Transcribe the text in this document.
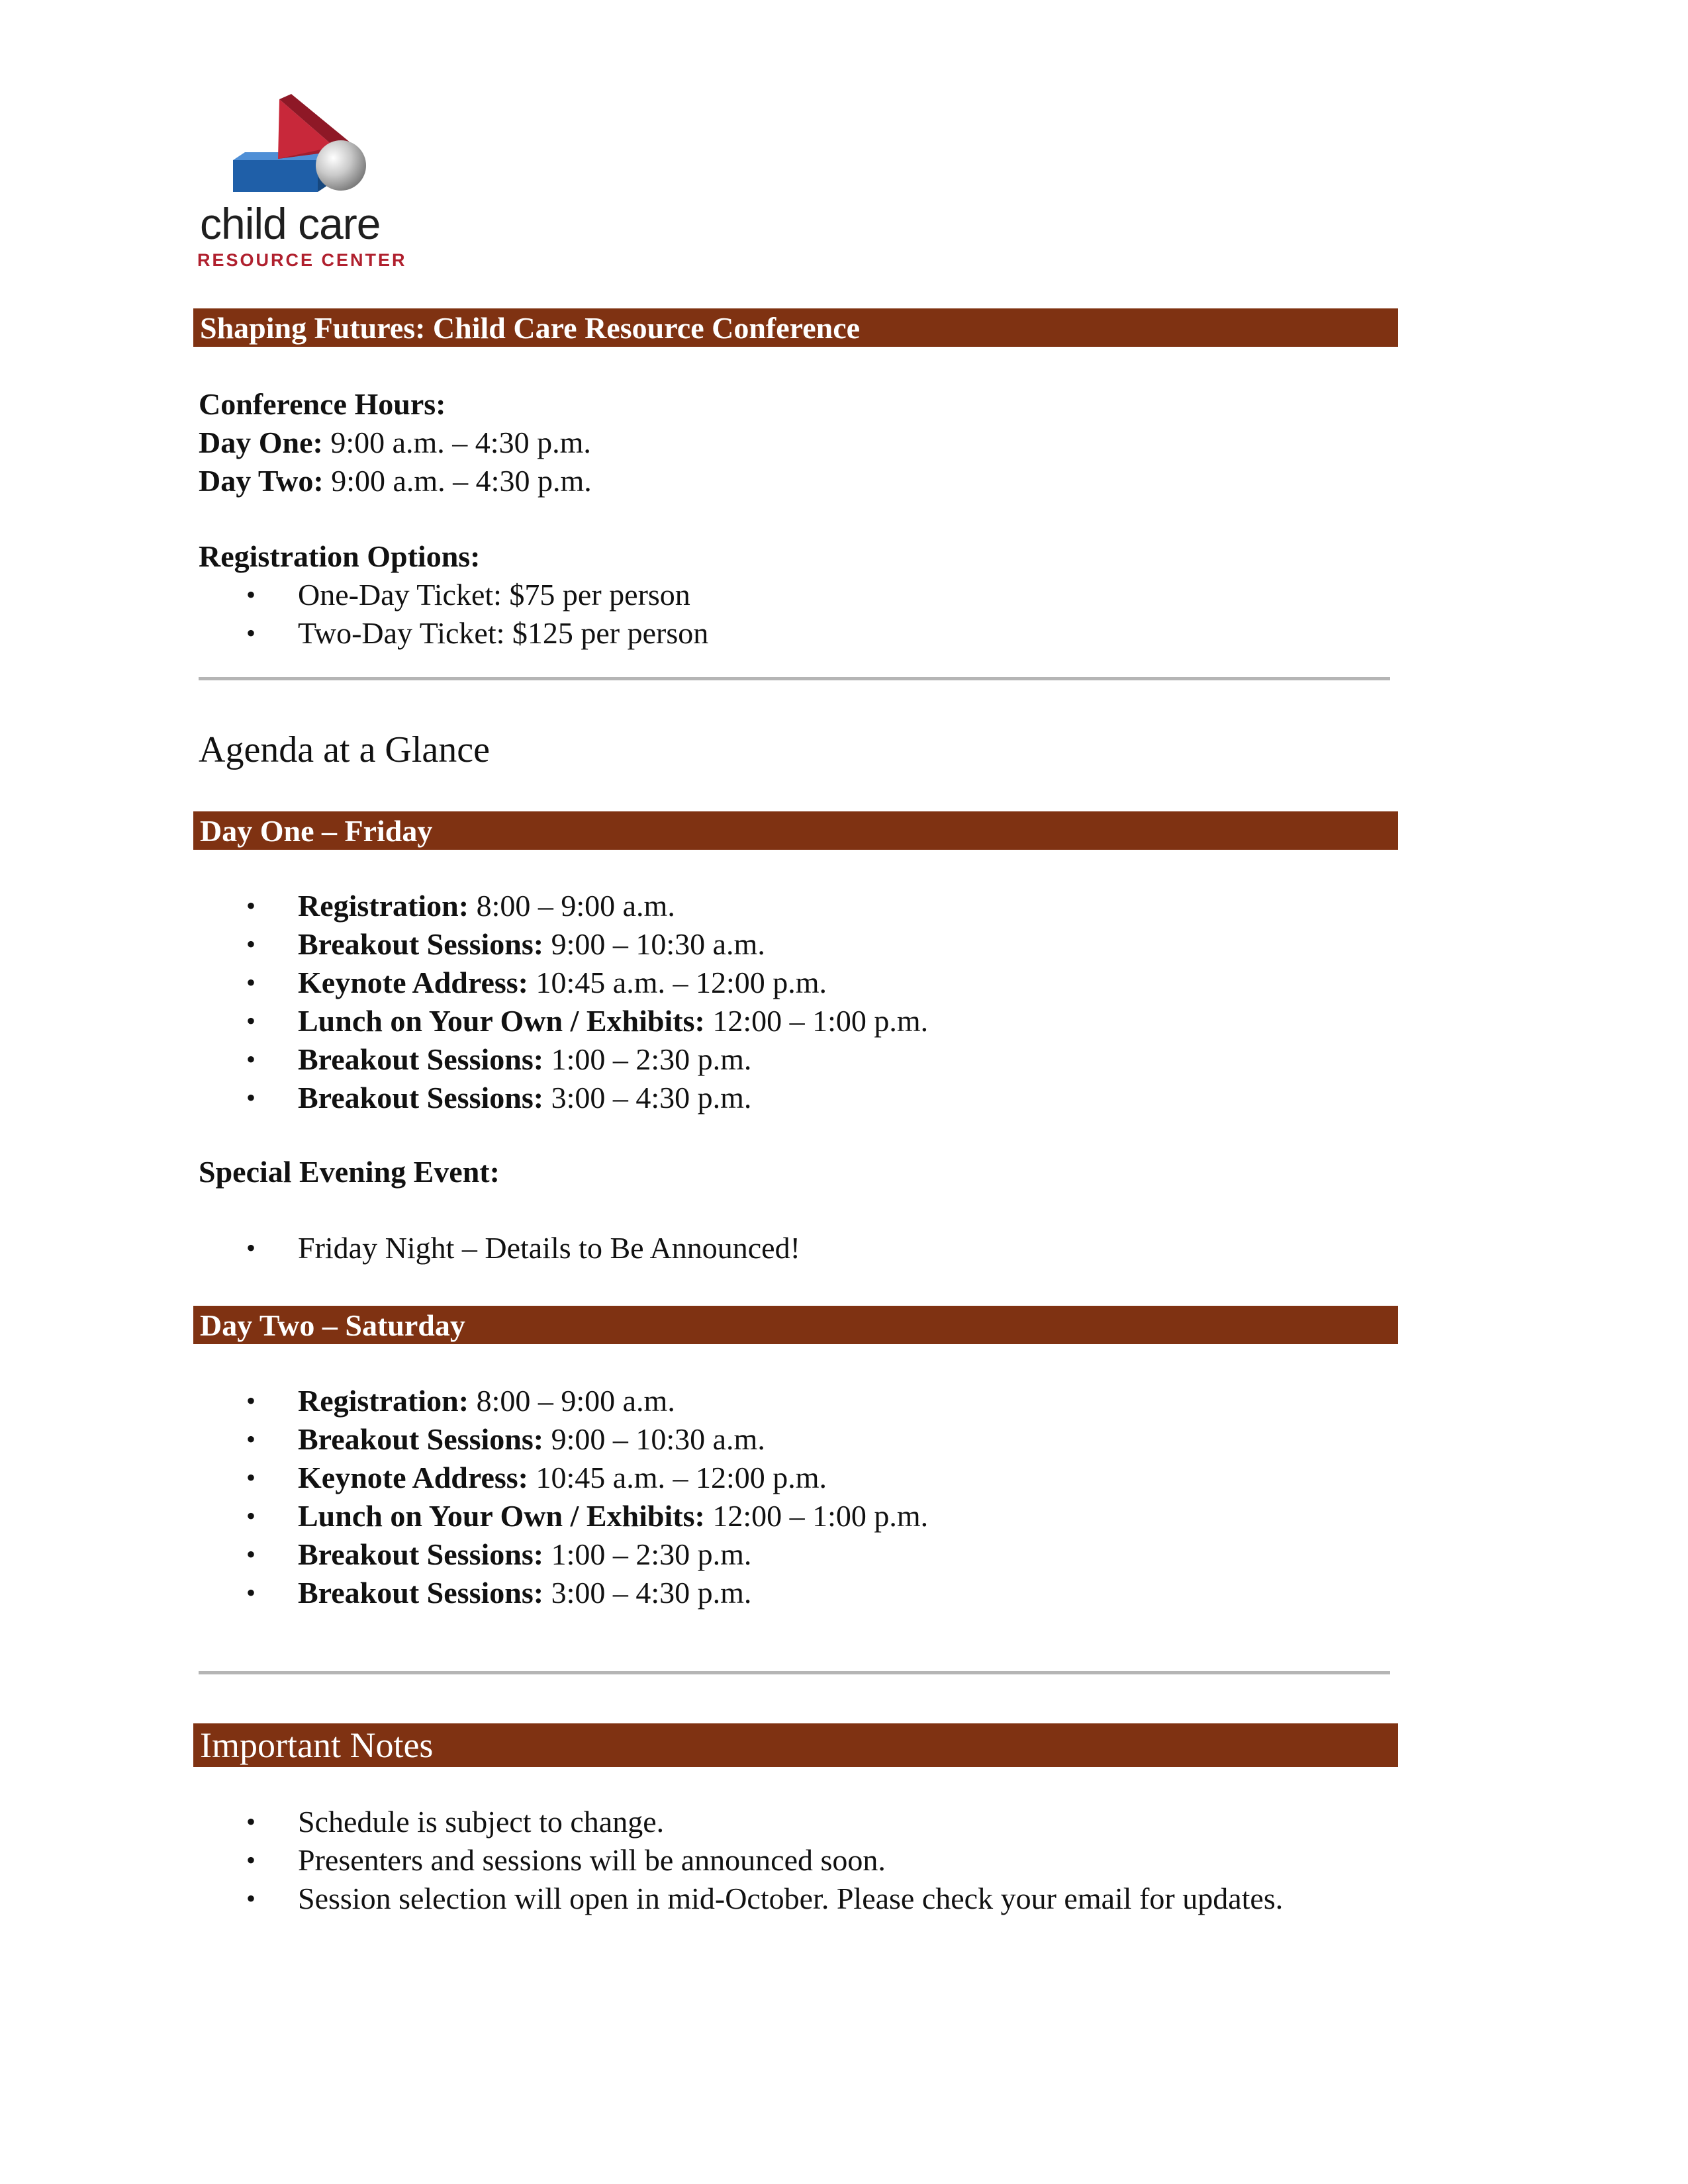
child care
RESOURCE CENTER
Shaping Futures: Child Care Resource Conference
Conference Hours:
Day One: 9:00 a.m. – 4:30 p.m.
Day Two: 9:00 a.m. – 4:30 p.m.
Registration Options:
• One-Day Ticket: $75 per person
• Two-Day Ticket: $125 per person
Agenda at a Glance
Day One – Friday
• Registration: 8:00 – 9:00 a.m.
• Breakout Sessions: 9:00 – 10:30 a.m.
• Keynote Address: 10:45 a.m. – 12:00 p.m.
• Lunch on Your Own / Exhibits: 12:00 – 1:00 p.m.
• Breakout Sessions: 1:00 – 2:30 p.m.
• Breakout Sessions: 3:00 – 4:30 p.m.
Special Evening Event:
• Friday Night – Details to Be Announced!
Day Two – Saturday
• Registration: 8:00 – 9:00 a.m.
• Breakout Sessions: 9:00 – 10:30 a.m.
• Keynote Address: 10:45 a.m. – 12:00 p.m.
• Lunch on Your Own / Exhibits: 12:00 – 1:00 p.m.
• Breakout Sessions: 1:00 – 2:30 p.m.
• Breakout Sessions: 3:00 – 4:30 p.m.
Important Notes
• Schedule is subject to change.
• Presenters and sessions will be announced soon.
• Session selection will open in mid-October. Please check your email for updates.
